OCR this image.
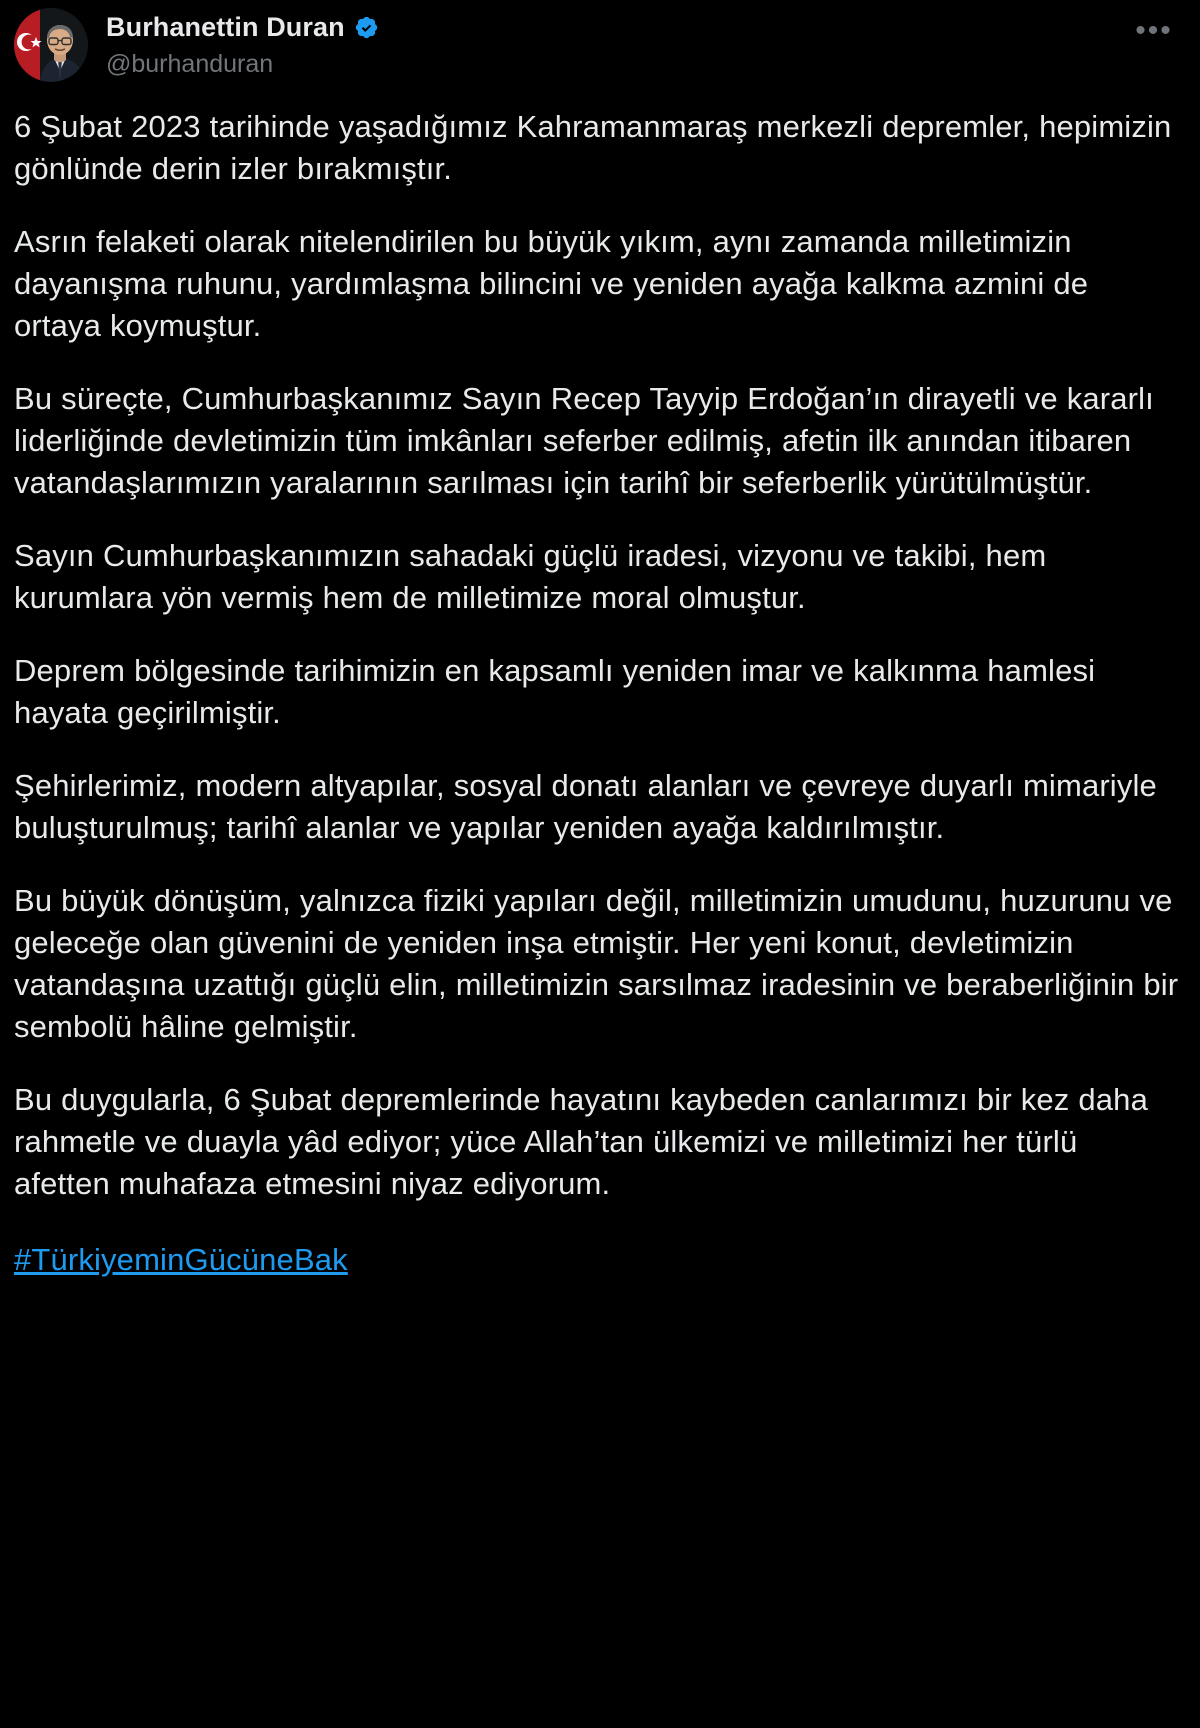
Burhanettin Duran
@burhanduran
•••

6 Şubat 2023 tarihinde yaşadığımız Kahramanmaraş merkezli depremler, hepimizin gönlünde derin izler bırakmıştır.

Asrın felaketi olarak nitelendirilen bu büyük yıkım, aynı zamanda milletimizin dayanışma ruhunu, yardımlaşma bilincini ve yeniden ayağa kalkma azmini de ortaya koymuştur.

Bu süreçte, Cumhurbaşkanımız Sayın Recep Tayyip Erdoğan’ın dirayetli ve kararlı liderliğinde devletimizin tüm imkânları seferber edilmiş, afetin ilk anından itibaren vatandaşlarımızın yaralarının sarılması için tarihî bir seferberlik yürütülmüştür.

Sayın Cumhurbaşkanımızın sahadaki güçlü iradesi, vizyonu ve takibi, hem kurumlara yön vermiş hem de milletimize moral olmuştur.

Deprem bölgesinde tarihimizin en kapsamlı yeniden imar ve kalkınma hamlesi hayata geçirilmiştir.

Şehirlerimiz, modern altyapılar, sosyal donatı alanları ve çevreye duyarlı mimariyle buluşturulmuş; tarihî alanlar ve yapılar yeniden ayağa kaldırılmıştır.

Bu büyük dönüşüm, yalnızca fiziki yapıları değil, milletimizin umudunu, huzurunu ve geleceğe olan güvenini de yeniden inşa etmiştir. Her yeni konut, devletimizin vatandaşına uzattığı güçlü elin, milletimizin sarsılmaz iradesinin ve beraberliğinin bir sembolü hâline gelmiştir.

Bu duygularla, 6 Şubat depremlerinde hayatını kaybeden canlarımızı bir kez daha rahmetle ve duayla yâd ediyor; yüce Allah’tan ülkemizi ve milletimizi her türlü afetten muhafaza etmesini niyaz ediyorum.

#TürkiyeminGücüneBak
